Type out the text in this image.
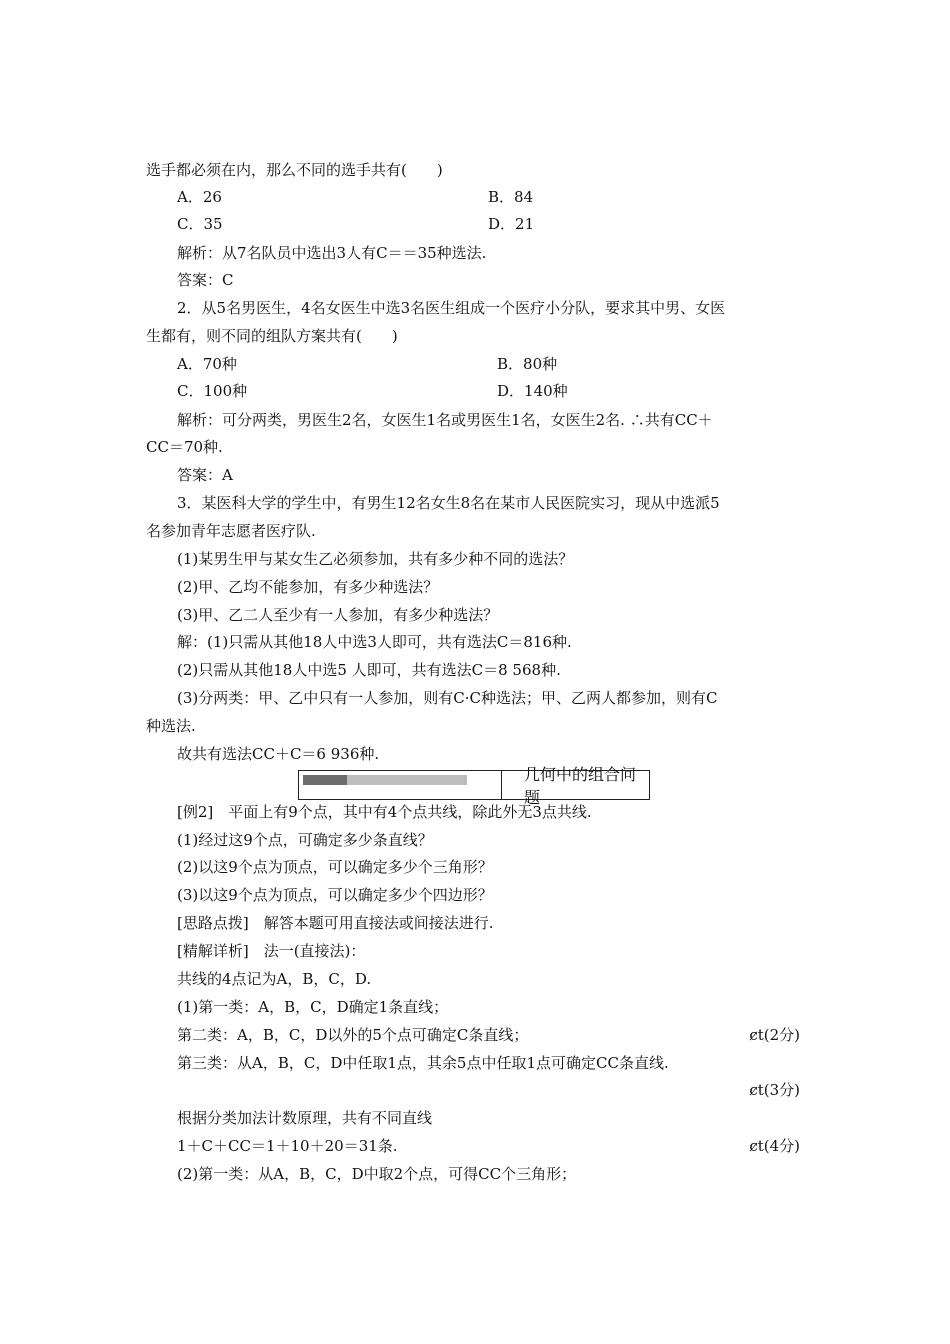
选手都必须在内，那么不同的选手共有(　　)
A．26	B．84
C．35	D．21
解析：从7名队员中选出3人有C＝＝35种选法.
答案：C
2．从5名男医生，4名女医生中选3名医生组成一个医疗小分队，要求其中男、女医
生都有，则不同的组队方案共有(　　)
A．70种	B．80种
C．100种	D．140种
解析：可分两类，男医生2名，女医生1名或男医生1名，女医生2名. ∴共有CC＋
CC＝70种.
答案：A
3．某医科大学的学生中，有男生12名女生8名在某市人民医院实习，现从中选派5
名参加青年志愿者医疗队.
(1)某男生甲与某女生乙必须参加，共有多少种不同的选法？
(2)甲、乙均不能参加，有多少种选法？
(3)甲、乙二人至少有一人参加，有多少种选法？
解：(1)只需从其他18人中选3人即可，共有选法C＝816种.
(2)只需从其他18人中选5 人即可，共有选法C＝8 568种.
(3)分两类：甲、乙中只有一人参加，则有C·C种选法；甲、乙两人都参加，则有C
种选法.
故共有选法CC＋C＝6 936种.
几何中的组合问题
[例2]　平面上有9个点，其中有4个点共线，除此外无3点共线.
(1)经过这9个点，可确定多少条直线？
(2)以这9个点为顶点，可以确定多少个三角形？
(3)以这9个点为顶点，可以确定多少个四边形？
[思路点拨]　解答本题可用直接法或间接法进行.
[精解详析]　法一(直接法)：
共线的4点记为A，B，C，D.
(1)第一类：A，B，C，D确定1条直线；
第二类：A，B，C，D以外的5个点可确定C条直线；	ȼt(2分)
第三类：从A，B，C，D中任取1点，其余5点中任取1点可确定CC条直线.
ȼt(3分)
根据分类加法计数原理，共有不同直线
1＋C＋CC＝1＋10＋20＝31条.	ȼt(4分)
(2)第一类：从A，B，C，D中取2个点，可得CC个三角形；
